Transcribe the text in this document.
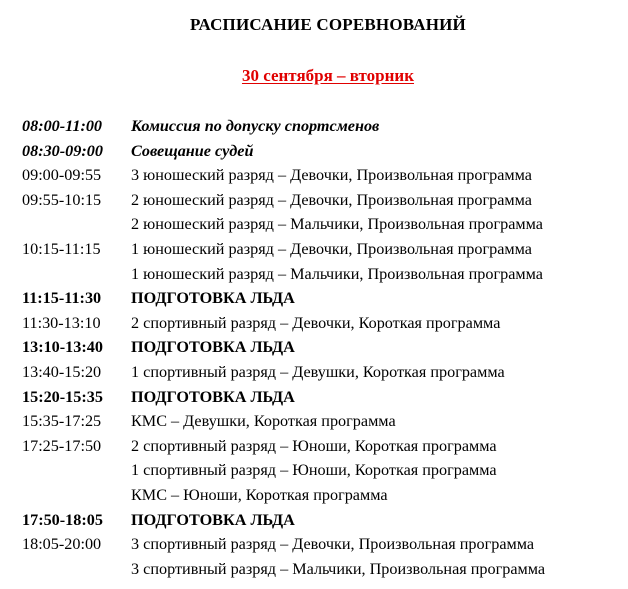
РАСПИСАНИЕ СОРЕВНОВАНИЙ
30 сентября – вторник
08:00-11:00 Комиссия по допуску спортсменов
08:30-09:00 Совещание судей
09:00-09:55 3 юношеский разряд – Девочки, Произвольная программа
09:55-10:15 2 юношеский разряд – Девочки, Произвольная программа
2 юношеский разряд – Мальчики, Произвольная программа
10:15-11:15 1 юношеский разряд – Девочки, Произвольная программа
1 юношеский разряд – Мальчики, Произвольная программа
11:15-11:30 ПОДГОТОВКА ЛЬДА
11:30-13:10 2 спортивный разряд – Девочки, Короткая программа
13:10-13:40 ПОДГОТОВКА ЛЬДА
13:40-15:20 1 спортивный разряд – Девушки, Короткая программа
15:20-15:35 ПОДГОТОВКА ЛЬДА
15:35-17:25 КМС – Девушки, Короткая программа
17:25-17:50 2 спортивный разряд – Юноши, Короткая программа
1 спортивный разряд – Юноши, Короткая программа
КМС – Юноши, Короткая программа
17:50-18:05 ПОДГОТОВКА ЛЬДА
18:05-20:00 3 спортивный разряд – Девочки, Произвольная программа
3 спортивный разряд – Мальчики, Произвольная программа
